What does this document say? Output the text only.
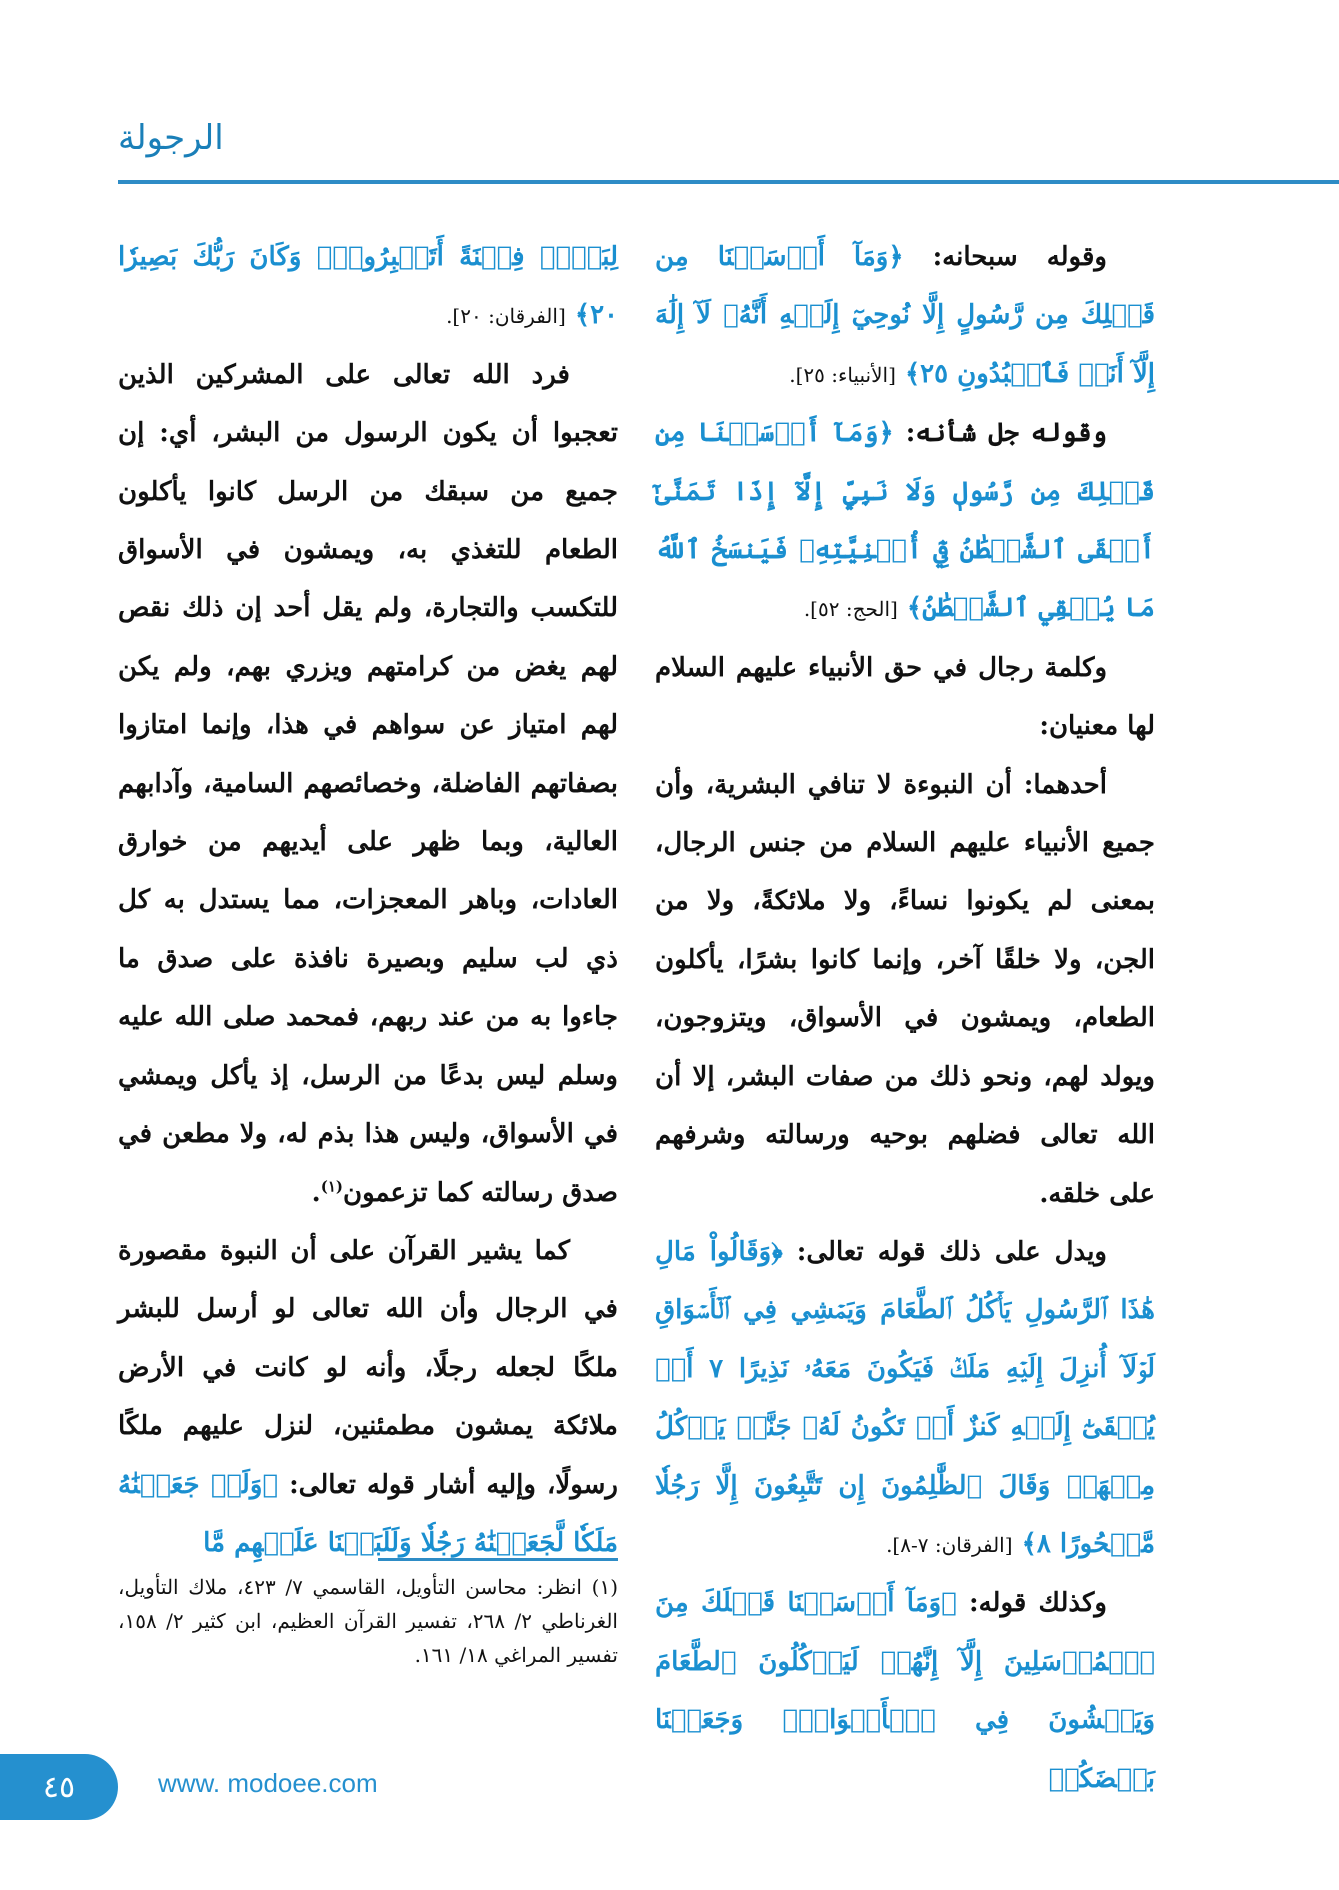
الرجولة

وقوله سبحانه: ﴿وَمَآ أَرۡسَلۡنَا مِن قَبۡلِكَ مِن رَّسُولٍ إِلَّا نُوحِيٓ إِلَيۡهِ أَنَّهُۥ لَآ إِلَٰهَ إِلَّآ أَنَا۠ فَٱعۡبُدُونِ ٢٥﴾ [الأنبياء: ٢٥].

وقوله جل شأنه: ﴿وَمَآ أَرۡسَلۡنَا مِن قَبۡلِكَ مِن رَّسُولٖ وَلَا نَبِيٍّ إِلَّآ إِذَا تَمَنَّىٰٓ أَلۡقَى ٱلشَّيۡطَٰنُ فِيٓ أُمۡنِيَّتِهِۦ فَيَنسَخُ ٱللَّهُ مَا يُلۡقِي ٱلشَّيۡطَٰنُ﴾ [الحج: ٥٢].

وكلمة رجال في حق الأنبياء عليهم السلام لها معنيان:

أحدهما: أن النبوءة لا تنافي البشرية، وأن جميع الأنبياء عليهم السلام من جنس الرجال، بمعنى لم يكونوا نساءً، ولا ملائكةً، ولا من الجن، ولا خلقًا آخر، وإنما كانوا بشرًا، يأكلون الطعام، ويمشون في الأسواق، ويتزوجون، ويولد لهم، ونحو ذلك من صفات البشر، إلا أن الله تعالى فضلهم بوحيه ورسالته وشرفهم على خلقه.

ويدل على ذلك قوله تعالى: ﴿وَقَالُواْ مَالِ هَٰذَا ٱلرَّسُولِ يَأۡكُلُ ٱلطَّعَامَ وَيَمۡشِي فِي ٱلۡأَسۡوَاقِ لَوۡلَآ أُنزِلَ إِلَيۡهِ مَلَكٞ فَيَكُونَ مَعَهُۥ نَذِيرًا ٧ أَوۡ يُلۡقَىٰٓ إِلَيۡهِ كَنزٌ أَوۡ تَكُونُ لَهُۥ جَنَّةٞ يَأۡكُلُ مِنۡهَاۚ وَقَالَ ٱلظَّٰلِمُونَ إِن تَتَّبِعُونَ إِلَّا رَجُلٗا مَّسۡحُورًا ٨﴾ [الفرقان: ٧-٨].

وكذلك قوله: ﴿وَمَآ أَرۡسَلۡنَا قَبۡلَكَ مِنَ ٱلۡمُرۡسَلِينَ إِلَّآ إِنَّهُمۡ لَيَأۡكُلُونَ ٱلطَّعَامَ وَيَمۡشُونَ فِي ٱلۡأَسۡوَاقِۗ وَجَعَلۡنَا بَعۡضَكُمۡ

لِبَعۡضٖ فِتۡنَةً أَتَصۡبِرُونَۗ وَكَانَ رَبُّكَ بَصِيرٗا ٢٠﴾ [الفرقان: ٢٠].

فرد الله تعالى على المشركين الذين تعجبوا أن يكون الرسول من البشر، أي: إن جميع من سبقك من الرسل كانوا يأكلون الطعام للتغذي به، ويمشون في الأسواق للتكسب والتجارة، ولم يقل أحد إن ذلك نقص لهم يغض من كرامتهم ويزري بهم، ولم يكن لهم امتياز عن سواهم في هذا، وإنما امتازوا بصفاتهم الفاضلة، وخصائصهم السامية، وآدابهم العالية، وبما ظهر على أيديهم من خوارق العادات، وباهر المعجزات، مما يستدل به كل ذي لب سليم وبصيرة نافذة على صدق ما جاءوا به من عند ربهم، فمحمد صلى الله عليه وسلم ليس بدعًا من الرسل، إذ يأكل ويمشي في الأسواق، وليس هذا بذم له، ولا مطعن في صدق رسالته كما تزعمون$^{(١)}$.

كما يشير القرآن على أن النبوة مقصورة في الرجال وأن الله تعالى لو أرسل للبشر ملكًا لجعله رجلًا، وأنه لو كانت في الأرض ملائكة يمشون مطمئنين، لنزل عليهم ملكًا رسولًا، وإليه أشار قوله تعالى: ﴿وَلَوۡ جَعَلۡنَٰهُ مَلَكٗا لَّجَعَلۡنَٰهُ رَجُلٗا وَلَلَبَسۡنَا عَلَيۡهِم مَّا

(١) انظر: محاسن التأويل، القاسمي ٧/ ٤٢٣، ملاك التأويل، الغرناطي ٢/ ٢٦٨، تفسير القرآن العظيم، ابن كثير ٢/ ١٥٨، تفسير المراغي ١٨/ ١٦١.
٤٥	www. modoee.com
